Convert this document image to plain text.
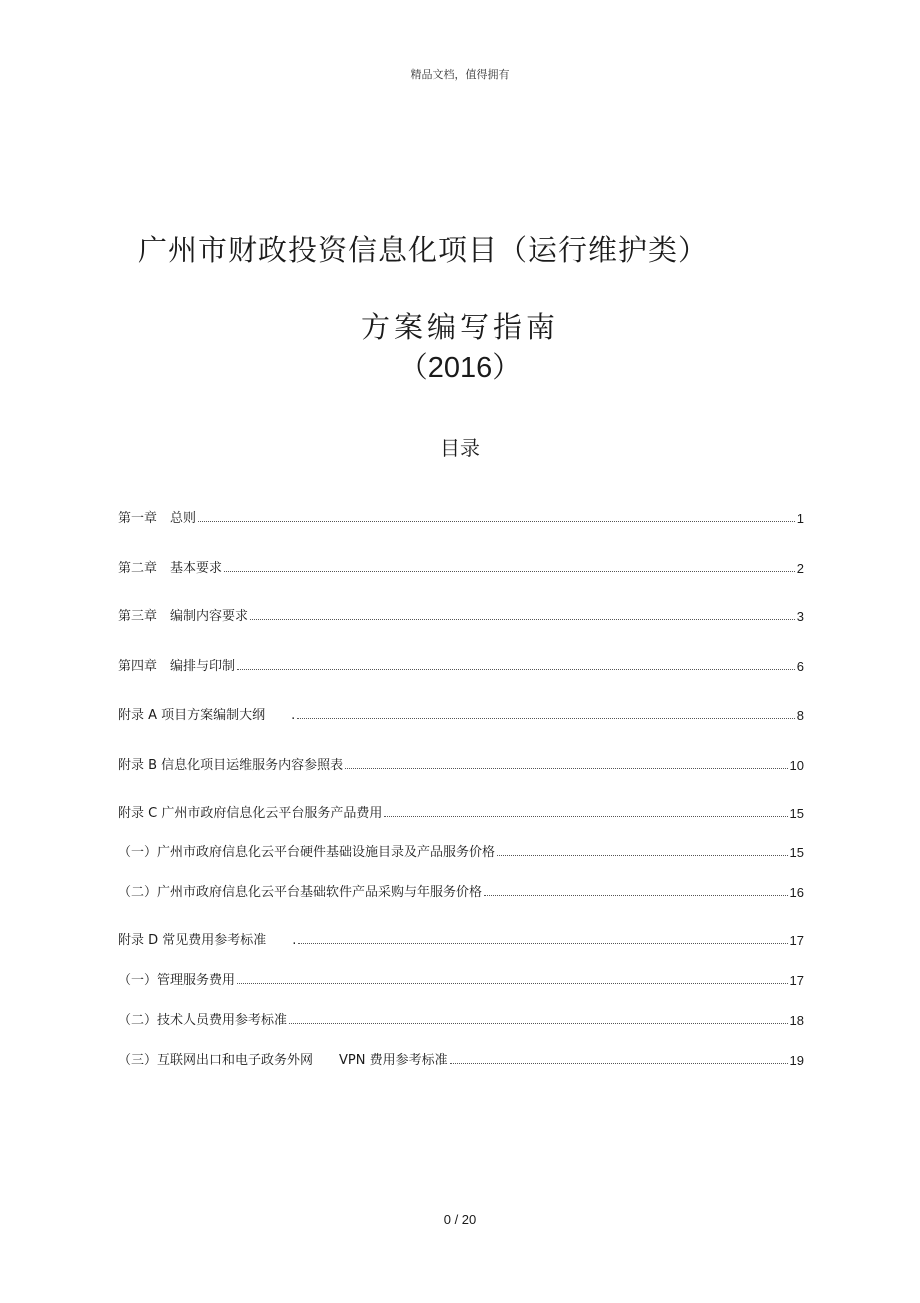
精品文档，值得拥有
广州市财政投资信息化项目（运行维护类）
方案编写指南
（2016）
目录
第一章　总则	1
第二章　基本要求	2
第三章　编制内容要求	3
第四章　编排与印制	6
附录 A 项目方案编制大纲　　.	8
附录 B 信息化项目运维服务内容参照表	10
附录 C 广州市政府信息化云平台服务产品费用	15
（一）广州市政府信息化云平台硬件基础设施目录及产品服务价格	15
（二）广州市政府信息化云平台基础软件产品采购与年服务价格	16
附录 D 常见费用参考标准　　.	17
（一）管理服务费用	17
（二）技术人员费用参考标准	18
（三）互联网出口和电子政务外网　　VPN 费用参考标准	19
0 / 20
